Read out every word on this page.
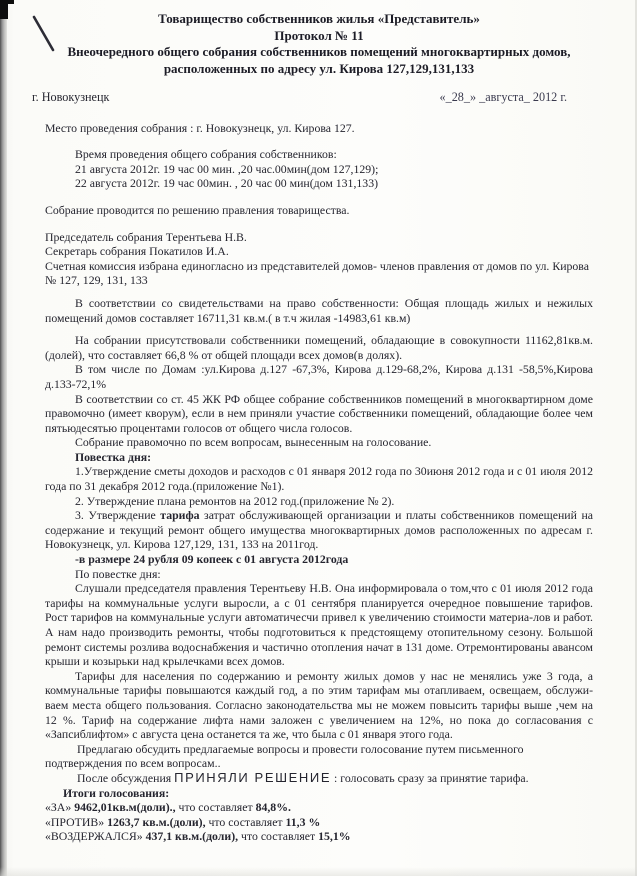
Товарищество собственников жилья «Представитель»
Протокол № 11
Внеочередного общего собрания собственников помещений многоквартирных домов,
расположенных по адресу ул. Кирова 127,129,131,133
г. Новокузнецк	«_28_» _августа_ 2012 г.
Место проведения собрания : г. Новокузнецк, ул. Кирова 127.
Время проведения общего собрания собственников:
21 августа 2012г. 19 час 00 мин. ,20 час.00мин(дом 127,129);
22 августа 2012г. 19 час 00мин. , 20 час 00 мин(дом 131,133)
Собрание проводится по решению правления товарищества.
Председатель собрания Терентьева Н.В.
Секретарь собрания Покатилов И.А.
Счетная комиссия избрана единогласно из представителей домов- членов правления от домов по ул. Кирова № 127, 129, 131, 133
В соответствии со свидетельствами на право собственности: Общая площадь жилых и нежилых помещений домов составляет 16711,31 кв.м.( в т.ч жилая -14983,61 кв.м)
На собрании присутствовали собственники помещений, обладающие в совокупности 11162,81кв.м. (долей), что составляет 66,8 % от общей площади всех домов(в долях).
В том числе по Домам :ул.Кирова д.127 -67,3%, Кирова д.129-68,2%, Кирова д.131 -58,5%,Кирова д.133-72,1%
В соответствии со ст. 45 ЖК РФ общее собрание собственников помещений в многоквартирном доме правомочно (имеет кворум), если в нем приняли участие собственники помещений, обладающие более чем пятьюдесятью процентами голосов от общего числа голосов.
Собрание правомочно по всем вопросам, вынесенным на голосование.
Повестка дня:
1.Утверждение сметы доходов и расходов с 01 января 2012 года по 30июня 2012 года и с 01 июля 2012 года по 31 декабря 2012 года.(приложение №1).
2. Утверждение плана ремонтов на 2012 год.(приложение № 2).
3. Утверждение тарифа затрат обслуживающей организации и платы собственников помещений на содержание и текущий ремонт общего имущества многоквартирных домов расположенных по адресам г. Новокузнецк, ул. Кирова 127,129, 131, 133 на 2011год.
-в размере 24 рубля 09 копеек с 01 августа 2012года
По повестке дня:
Слушали председателя правления Терентьеву Н.В. Она информировала о том,что с 01 июля 2012 года тарифы на коммунальные услуги выросли, а с 01 сентября планируется очередное повышение тарифов. Рост тарифов на коммунальные услуги автоматичесчи привел к увеличению стоимости материа-лов и работ. А нам надо производить ремонты, чтобы подготовиться к предстоящему отопительному сезону. Большой ремонт системы розлива водоснабжения и частично отопления начат в 131 доме. Отремонтированы авансом крыши и козырьки над крылечками всех домов.
Тарифы для населения по содержанию и ремонту жилых домов у нас не менялись уже 3 года, а коммунальные тарифы повышаются каждый год, а по этим тарифам мы отапливаем, освещаем, обслужи-ваем места общего пользования. Согласно законодательства мы не можем повысить тарифы выше ,чем на 12 %. Тариф на содержание лифта нами заложен с увеличением на 12%, но пока до согласования с «Запсиблифтом» с августа цена останется та же, что была с 01 января этого года.
Предлагаю обсудить предлагаемые вопросы и провести голосование путем письменного подтверждения по всем вопросам..
После обсуждения ПРИНЯЛИ РЕШЕНИЕ : голосовать сразу за принятие тарифа.
Итоги голосования:
«ЗА» 9462,01кв.м(доли)., что составляет 84,8%.
«ПРОТИВ» 1263,7 кв.м.(доли), что составляет 11,3 %
«ВОЗДЕРЖАЛСЯ» 437,1 кв.м.(доли), что составляет 15,1%
